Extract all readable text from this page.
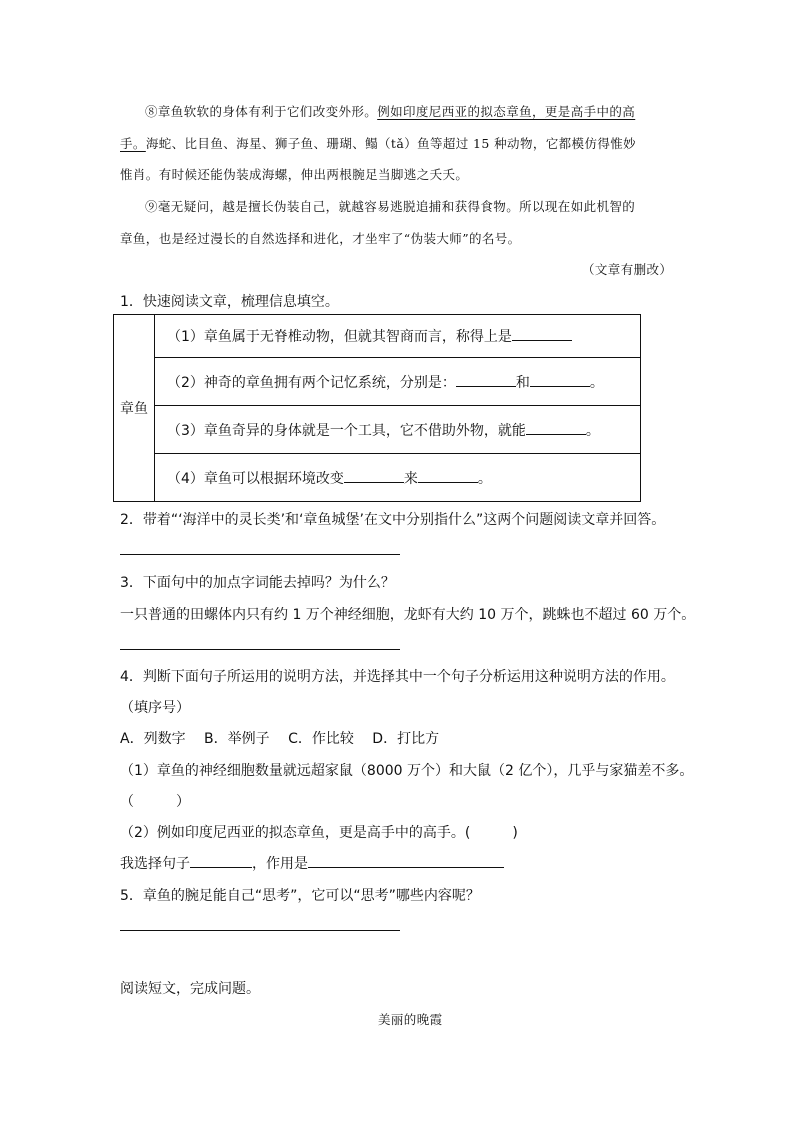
⑧章鱼软软的身体有利于它们改变外形。例如印度尼西亚的拟态章鱼，更是高手中的高
手。海蛇、比目鱼、海星、狮子鱼、珊瑚、鳎（tǎ）鱼等超过 15 种动物，它都模仿得惟妙
惟肖。有时候还能伪装成海螺，伸出两根腕足当脚逃之夭夭。
⑨毫无疑问，越是擅长伪装自己，就越容易逃脱追捕和获得食物。所以现在如此机智的
章鱼，也是经过漫长的自然选择和进化，才坐牢了“伪装大师”的名号。
（文章有删改）
1．快速阅读文章，梳理信息填空。
章鱼	（1）章鱼属于无脊椎动物，但就其智商而言，称得上是
（2）神奇的章鱼拥有两个记忆系统，分别是：	和	。
（3）章鱼奇异的身体就是一个工具，它不借助外物，就能	。
（4）章鱼可以根据环境改变	来	。
2．带着“‘海洋中的灵长类’和‘章鱼城堡’在文中分别指什么”这两个问题阅读文章并回答。
3．下面句中的加点字词能去掉吗？为什么？
一只普通的田螺体内只有约 1 万个神经细胞，龙虾有大约 10 万个，跳蛛也不超过 60 万个。
4．判断下面句子所运用的说明方法，并选择其中一个句子分析运用这种说明方法的作用。
（填序号）
A．列数字　 B．举例子　 C．作比较　 D．打比方
（1）章鱼的神经细胞数量就远超家鼠（8000 万个）和大鼠（2 亿个），几乎与家猫差不多。
（　　　）
（2）例如印度尼西亚的拟态章鱼，更是高手中的高手。(　　　)
我选择句子	，作用是
5．章鱼的腕足能自己“思考”，它可以“思考”哪些内容呢？
阅读短文，完成问题。
美丽的晚霞
